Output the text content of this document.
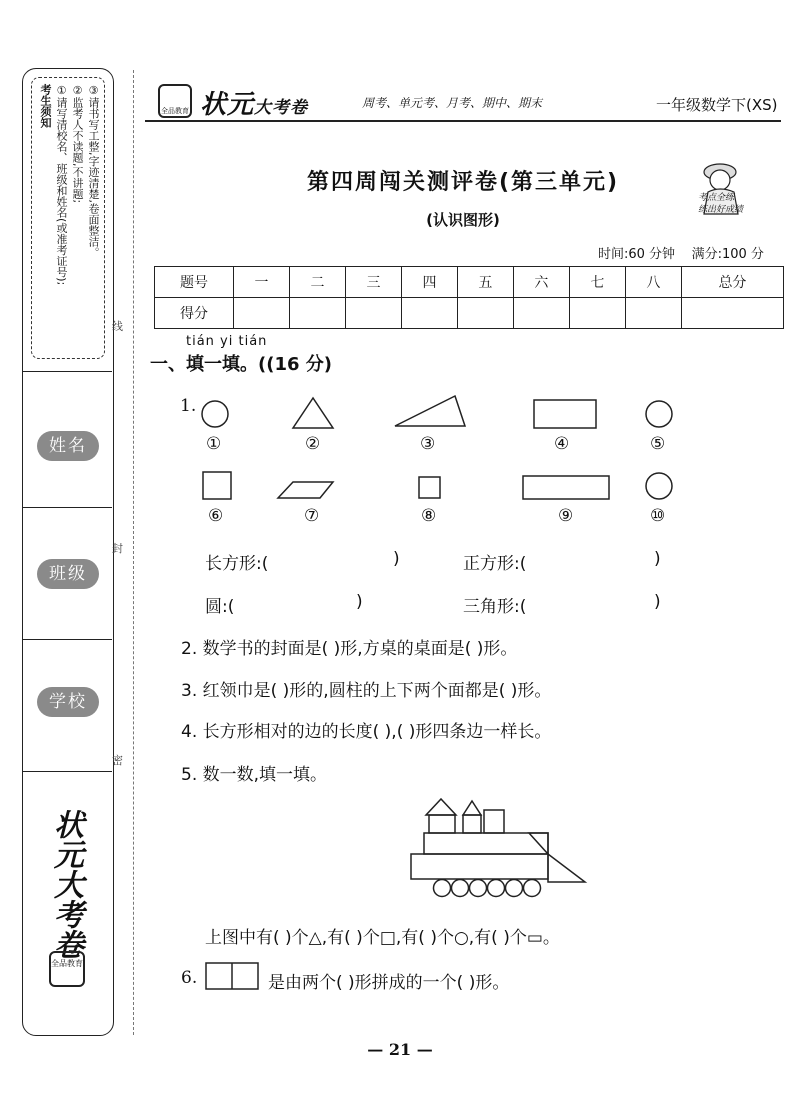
考生须知 ①请写清校名、班级和姓名(或准考证号); ②监考人不读题,不讲题; ③请书写工整,字迹清楚,卷面整洁。
姓名
班级
学校
状元大考卷
全品教育
线
封
密
全品教育 状元大考卷	周考、单元考、月考、期中、期末	一年级数学下(XS)
考点全练
练出好成绩
第四周闯关测评卷(第三单元)
(认识图形)
时间:60 分钟 满分:100 分
题号	一	二	三	四	五	六	七	八	总分
得分									
tián yi tián
一、填一填。((16 分)
1.
①	②	③	④	⑤
⑥	⑦	⑧	⑨	⑩
长方形:(	)	正方形:(	)
圆:(	)	三角形:(	)
2. 数学书的封面是( )形,方桌的桌面是( )形。
3. 红领巾是( )形的,圆柱的上下两个面都是( )形。
4. 长方形相对的边的长度( ),( )形四条边一样长。
5. 数一数,填一填。
上图中有( )个△,有( )个□,有( )个○,有( )个▭。
6.	是由两个( )形拼成的一个( )形。
— 21 —
